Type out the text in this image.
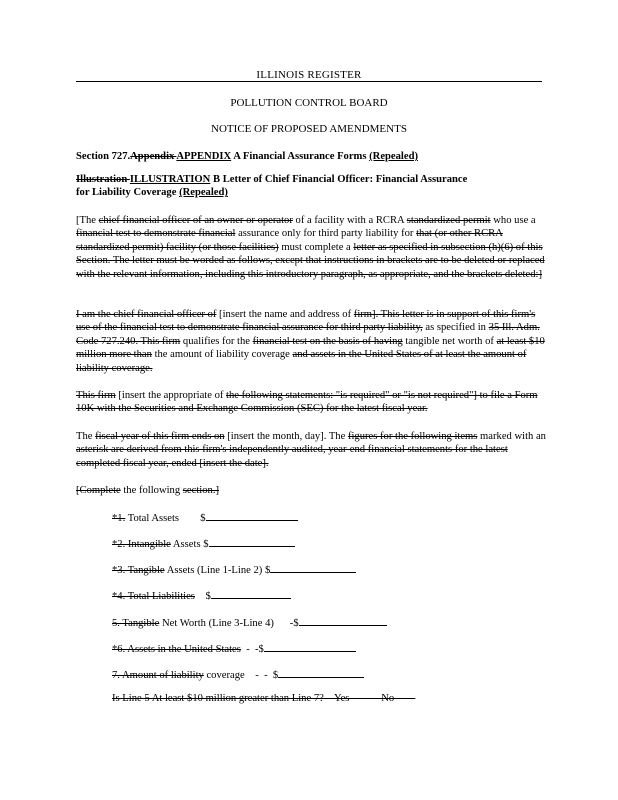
ILLINOIS REGISTER
POLLUTION CONTROL BOARD
NOTICE OF PROPOSED AMENDMENTS
Section 727.Appendix APPENDIX A Financial Assurance Forms (Repealed)
Illustration ILLUSTRATION B Letter of Chief Financial Officer: Financial Assurance
for Liability Coverage (Repealed)
[The chief financial officer of an owner or operator of a facility with a RCRA standardized permit who use a financial test to demonstrate financial assurance only for third party liability for that (or other RCRA standardized permit) facility (or those facilities) must complete a letter as specified in subsection (h)(6) of this Section. The letter must be worded as follows, except that instructions in brackets are to be deleted or replaced with the relevant information, including this introductory paragraph, as appropriate, and the brackets deleted:]
I am the chief financial officer of [insert the name and address of firm]. This letter is in support of this firm's use of the financial test to demonstrate financial assurance for third party liability, as specified in 35 Ill. Adm. Code 727.240. This firm qualifies for the financial test on the basis of having tangible net worth of at least $10 million more than the amount of liability coverage and assets in the United States of at least the amount of liability coverage.
This firm [insert the appropriate of the following statements: "is required" or "is not required"] to file a Form 10K with the Securities and Exchange Commission (SEC) for the latest fiscal year.
The fiscal year of this firm ends on [insert the month, day]. The figures for the following items marked with an asterisk are derived from this firm's independently audited, year-end financial statements for the latest completed fiscal year, ended [insert the date].
[Complete the following section.]
*1. Total Assets        $
*2. Intangible Assets $
*3. Tangible Assets (Line 1-Line 2) $
*4. Total Liabilities    $
5. Tangible Net Worth (Line 3-Line 4)      -$
*6. Assets in the United States  -  -$
7. Amount of liability coverage    -  -  $
Is Line 5 At least $10 million greater than Line 7?    Yes            No
